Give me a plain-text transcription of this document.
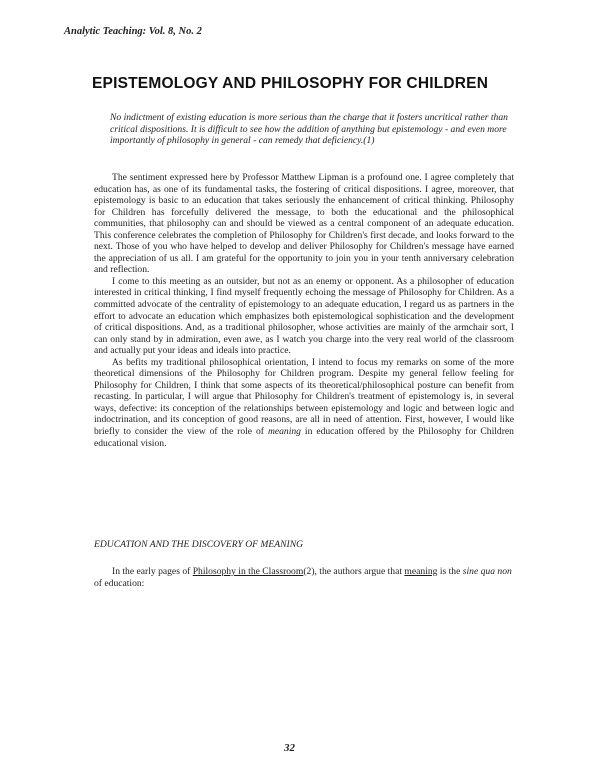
Analytic Teaching: Vol. 8, No. 2
EPISTEMOLOGY AND PHILOSOPHY FOR CHILDREN
No indictment of existing education is more serious than the charge that it fosters uncritical rather than critical dispositions. It is difficult to see how the addition of anything but epistemology - and even more importantly of philosophy in general - can remedy that deficiency.(1)

The sentiment expressed here by Professor Matthew Lipman is a profound one. I agree completely that education has, as one of its fundamental tasks, the fostering of critical dispositions. I agree, moreover, that epistemology is basic to an education that takes seriously the enhancement of critical thinking. Philosophy for Children has forcefully delivered the message, to both the educational and the philosophical communities, that philosophy can and should be viewed as a central component of an adequate education. This conference celebrates the completion of Philosophy for Children's first decade, and looks forward to the next. Those of you who have helped to develop and deliver Philosophy for Children's message have earned the appreciation of us all. I am grateful for the opportunity to join you in your tenth anniversary celebration and reflection.

I come to this meeting as an outsider, but not as an enemy or opponent. As a philosopher of education interested in critical thinking, I find myself frequently echoing the message of Philosophy for Children. As a committed advocate of the centrality of epistemology to an adequate education, I regard us as partners in the effort to advocate an education which emphasizes both epistemological sophistication and the development of critical dispositions. And, as a traditional philosopher, whose activities are mainly of the armchair sort, I can only stand by in admiration, even awe, as I watch you charge into the very real world of the classroom and actually put your ideas and ideals into practice.

As befits my traditional philosophical orientation, I intend to focus my remarks on some of the more theoretical dimensions of the Philosophy for Children program. Despite my general fellow feeling for Philosophy for Children, I think that some aspects of its theoretical/philosophical posture can benefit from recasting. In particular, I will argue that Philosophy for Children's treatment of epistemology is, in several ways, defective: its conception of the relationships between epistemology and logic and between logic and indoctrination, and its conception of good reasons, are all in need of attention. First, however, I would like briefly to consider the view of the role of meaning in education offered by the Philosophy for Children educational vision.

EDUCATION AND THE DISCOVERY OF MEANING

In the early pages of Philosophy in the Classroom(2), the authors argue that meaning is the sine qua non of education:

32
